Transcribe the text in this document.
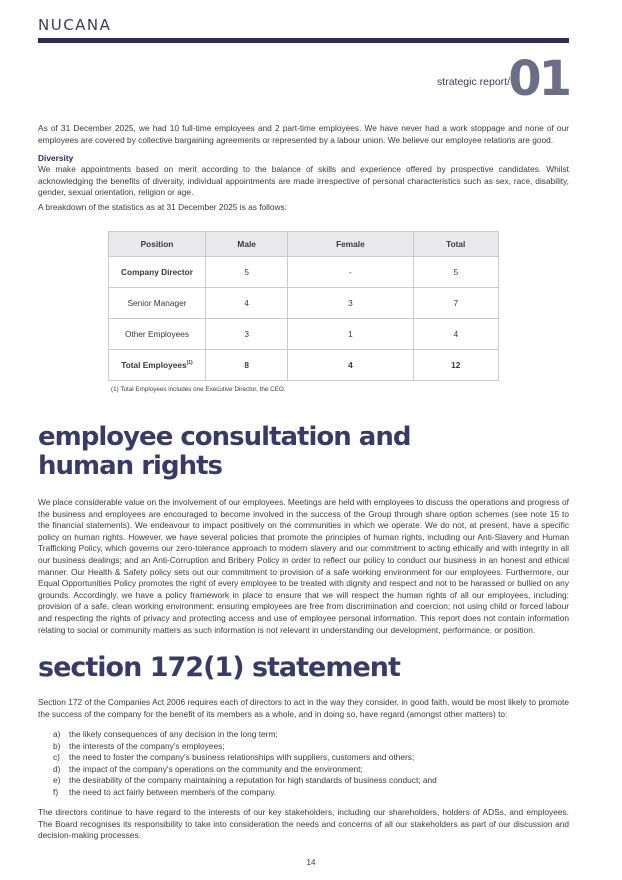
NUCANA
strategic report/
01

As of 31 December 2025, we had 10 full-time employees and 2 part-time employees. We have never had a work stoppage and none of our employees are covered by collective bargaining agreements or represented by a labour union. We believe our employee relations are good.

Diversity

We make appointments based on merit according to the balance of skills and experience offered by prospective candidates. Whilst acknowledging the benefits of diversity, individual appointments are made irrespective of personal characteristics such as sex, race, disability, gender, sexual orientation, religion or age.

A breakdown of the statistics as at 31 December 2025 is as follows:

Position	Male	Female	Total
Company Director	5	-	5
Senior Manager	4	3	7
Other Employees	3	1	4
Total Employees$^{(1)}$	8	4	12
(1) Total Employees includes one Executive Director, the CEO.
employee consultation and
human rights

We place considerable value on the involvement of our employees. Meetings are held with employees to discuss the operations and progress of the business and employees are encouraged to become involved in the success of the Group through share option schemes (see note 15 to the financial statements). We endeavour to impact positively on the communities in which we operate. We do not, at present, have a specific policy on human rights. However, we have several policies that promote the principles of human rights, including our Anti-Slavery and Human Trafficking Policy, which governs our zero-tolerance approach to modern slavery and our commitment to acting ethically and with integrity in all our business dealings; and an Anti-Corruption and Bribery Policy in order to reflect our policy to conduct our business in an honest and ethical manner. Our Health & Safety policy sets out our commitment to provision of a safe working environment for our employees. Furthermore, our Equal Opportunities Policy promotes the right of every employee to be treated with dignity and respect and not to be harassed or bullied on any grounds. Accordingly, we have a policy framework in place to ensure that we will respect the human rights of all our employees, including: provision of a safe, clean working environment; ensuring employees are free from discrimination and coercion; not using child or forced labour and respecting the rights of privacy and protecting access and use of employee personal information. This report does not contain information relating to social or community matters as such information is not relevant in understanding our development, performance, or position.

section 172(1) statement

Section 172 of the Companies Act 2006 requires each of directors to act in the way they consider, in good faith, would be most likely to promote the success of the company for the benefit of its members as a whole, and in doing so, have regard (amongst other matters) to:

a)	the likely consequences of any decision in the long term;
b)	the interests of the company's employees;
c)	the need to foster the company's business relationships with suppliers, customers and others;
d)	the impact of the company's operations on the community and the environment;
e)	the desirability of the company maintaining a reputation for high standards of business conduct; and
f)	the need to act fairly between members of the company.

The directors continue to have regard to the interests of our key stakeholders, including our shareholders, holders of ADSs, and employees. The Board recognises its responsibility to take into consideration the needs and concerns of all our stakeholders as part of our discussion and decision-making processes.

14
